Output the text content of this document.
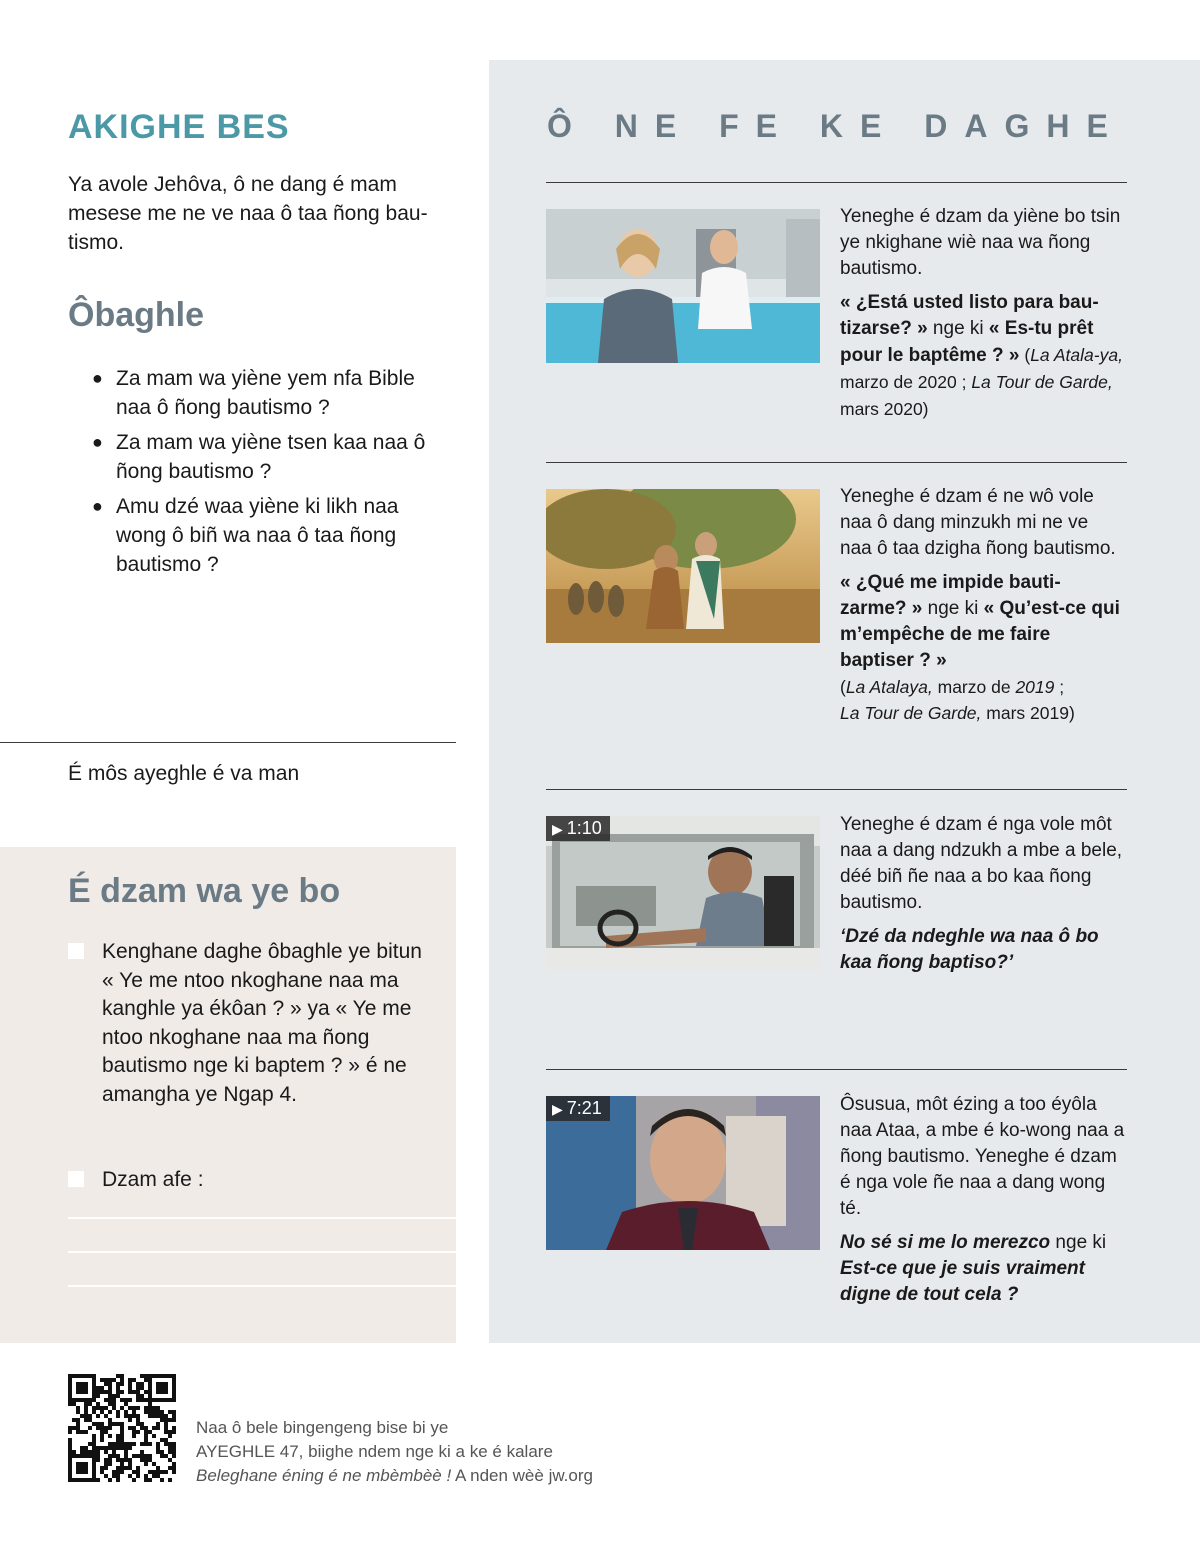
AKIGHE BES

Ya avole Jehôva, ô ne dang é mam mesese me ne ve naa ô taa ñong bau-tismo.

Ôbaghle
● Za mam wa yiène yem nfa Bible naa ô ñong bautismo ?
● Za mam wa yiène tsen kaa naa ô ñong bautismo ?
● Amu dzé waa yiène ki likh naa wong ô biñ wa naa ô taa ñong bautismo ?

É môs ayeghle é va man

É dzam wa ye bo
Kenghane daghe ôbaghle ye bitun « Ye me ntoo nkoghane naa ma kanghle ya ékôan ? » ya « Ye me ntoo nkoghane naa ma ñong bautismo nge ki baptem ? » é ne amangha ye Ngap 4.
Dzam afe :
Ô NE FE KE DAGHE

Yeneghe é dzam da yiène bo tsin ye nkighane wiè naa wa ñong bautismo.

« ¿Está usted listo para bau-tizarse? » nge ki « Es-tu prêt pour le baptême ? » (La Atala-ya, marzo de 2020 ; La Tour de Garde, mars 2020)

Yeneghe é dzam é ne wô vole naa ô dang minzukh mi ne ve naa ô taa dzigha ñong bautismo.

« ¿Qué me impide bauti-zarme? » nge ki « Qu’est-ce qui m’empêche de me faire baptiser ? »

(La Atalaya, marzo de 2019 ;
La Tour de Garde, mars 2019)

▶ 1:10	Yeneghe é dzam é nga vole môt naa a dang ndzukh a mbe a bele, déé biñ ñe naa a bo kaa ñong bautismo.

‘Dzé da ndeghle wa naa ô bo kaa ñong baptiso?’

▶ 7:21	Ôsusua, môt ézing a too éyôla naa Ataa, a mbe é ko-wong naa a ñong bautismo. Yeneghe é dzam é nga vole ñe naa a dang wong té.

No sé si me lo merezco nge ki Est-ce que je suis vraiment digne de tout cela ?

Naa ô bele bingengeng bise bi ye
AYEGHLE 47, biighe ndem nge ki a ke é kalare
Beleghane éning é ne mbèmbèè ! A nden wèè jw.org
